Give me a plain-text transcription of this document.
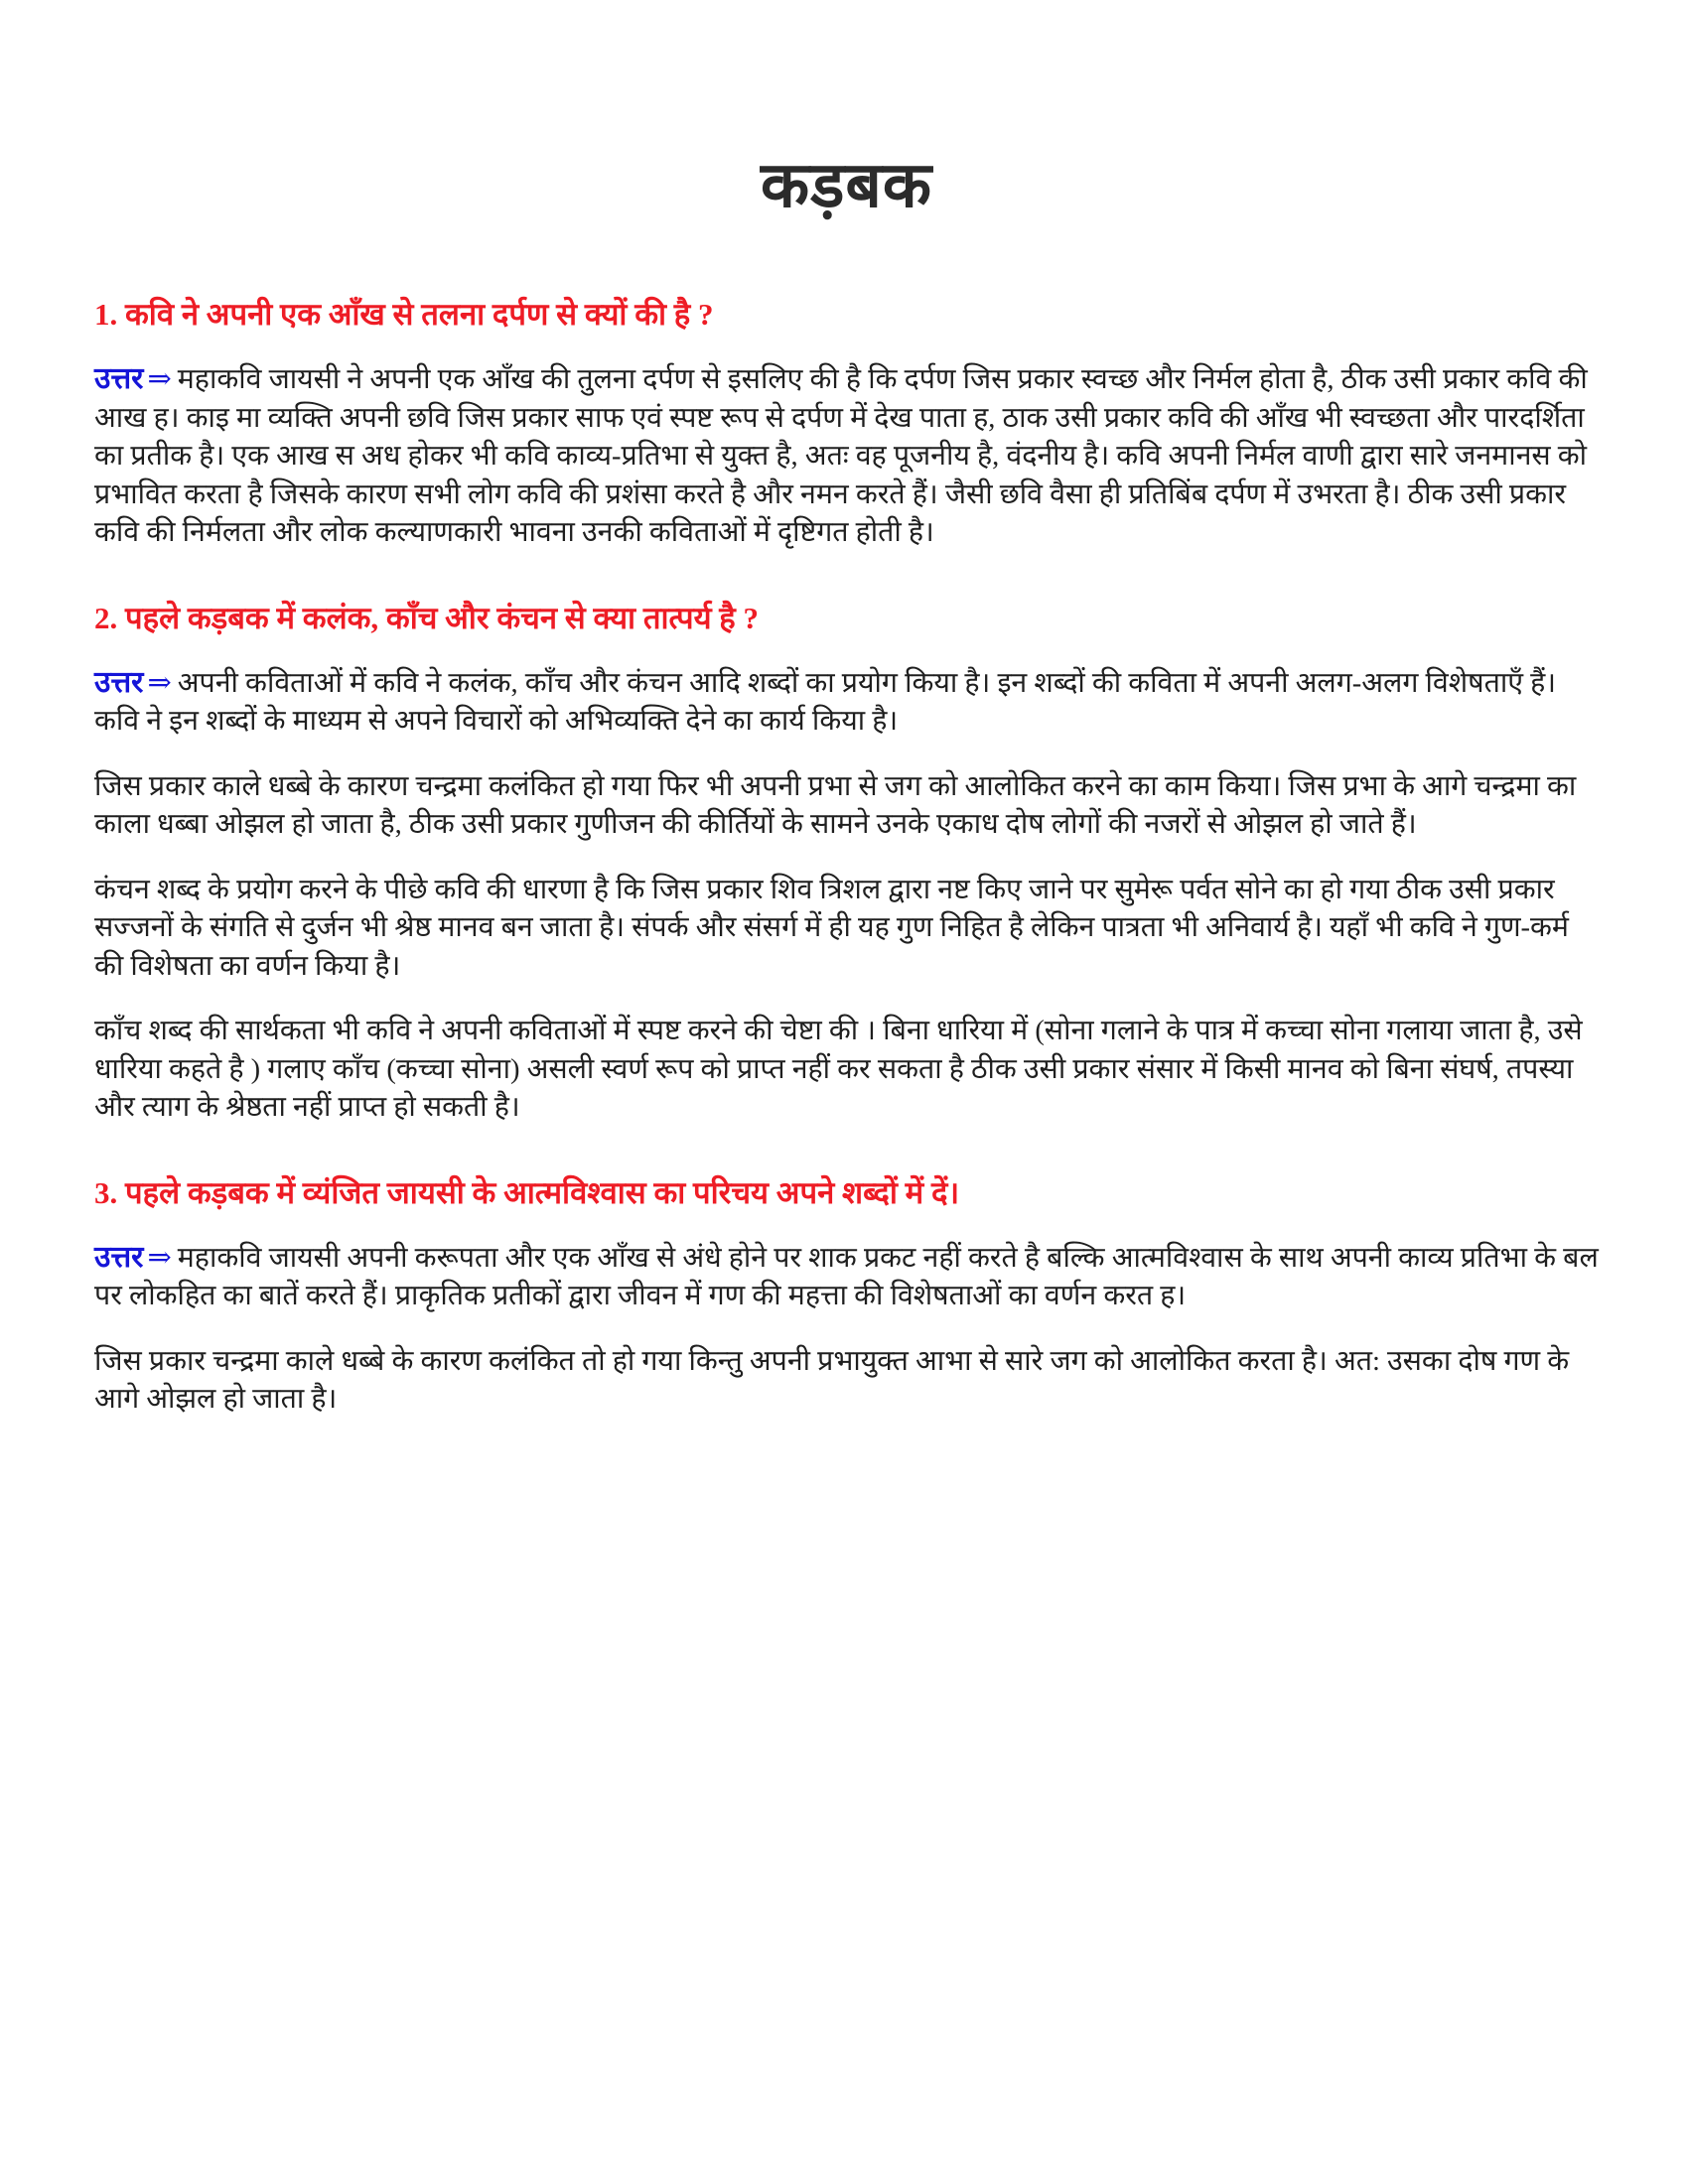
कड़बक
1. कवि ने अपनी एक आँख से तलना दर्पण से क्यों की है ?

उत्तर ⇒ महाकवि जायसी ने अपनी एक आँख की तुलना दर्पण से इसलिए की है कि दर्पण जिस प्रकार स्वच्छ और निर्मल होता है, ठीक उसी प्रकार कवि की आख ह। काइ मा व्यक्ति अपनी छवि जिस प्रकार साफ एवं स्पष्ट रूप से दर्पण में देख पाता ह, ठाक उसी प्रकार कवि की आँख भी स्वच्छता और पारदर्शिता का प्रतीक है। एक आख स अध होकर भी कवि काव्य-प्रतिभा से युक्त है, अतः वह पूजनीय है, वंदनीय है। कवि अपनी निर्मल वाणी द्वारा सारे जनमानस को प्रभावित करता है जिसके कारण सभी लोग कवि की प्रशंसा करते है और नमन करते हैं। जैसी छवि वैसा ही प्रतिबिंब दर्पण में उभरता है। ठीक उसी प्रकार कवि की निर्मलता और लोक कल्याणकारी भावना उनकी कविताओं में दृष्टिगत होती है।

2. पहले कड़बक में कलंक, काँच और कंचन से क्या तात्पर्य है ?

उत्तर ⇒ अपनी कविताओं में कवि ने कलंक, काँच और कंचन आदि शब्दों का प्रयोग किया है। इन शब्दों की कविता में अपनी अलग-अलग विशेषताएँ हैं। कवि ने इन शब्दों के माध्यम से अपने विचारों को अभिव्यक्ति देने का कार्य किया है।

जिस प्रकार काले धब्बे के कारण चन्द्रमा कलंकित हो गया फिर भी अपनी प्रभा से जग को आलोकित करने का काम किया। जिस प्रभा के आगे चन्द्रमा का काला धब्बा ओझल हो जाता है, ठीक उसी प्रकार गुणीजन की कीर्तियों के सामने उनके एकाध दोष लोगों की नजरों से ओझल हो जाते हैं।

कंचन शब्द के प्रयोग करने के पीछे कवि की धारणा है कि जिस प्रकार शिव त्रिशल द्वारा नष्ट किए जाने पर सुमेरू पर्वत सोने का हो गया ठीक उसी प्रकार सज्जनों के संगति से दुर्जन भी श्रेष्ठ मानव बन जाता है। संपर्क और संसर्ग में ही यह गुण निहित है लेकिन पात्रता भी अनिवार्य है। यहाँ भी कवि ने गुण-कर्म की विशेषता का वर्णन किया है।

काँच शब्द की सार्थकता भी कवि ने अपनी कविताओं में स्पष्ट करने की चेष्टा की । बिना धारिया में (सोना गलाने के पात्र में कच्चा सोना गलाया जाता है, उसे धारिया कहते है ) गलाए काँच (कच्चा सोना) असली स्वर्ण रूप को प्राप्त नहीं कर सकता है ठीक उसी प्रकार संसार में किसी मानव को बिना संघर्ष, तपस्या और त्याग के श्रेष्ठता नहीं प्राप्त हो सकती है।

3. पहले कड़बक में व्यंजित जायसी के आत्मविश्वास का परिचय अपने शब्दों में दें।

उत्तर ⇒ महाकवि जायसी अपनी करूपता और एक आँख से अंधे होने पर शाक प्रकट नहीं करते है बल्कि आत्मविश्वास के साथ अपनी काव्य प्रतिभा के बल पर लोकहित का बातें करते हैं। प्राकृतिक प्रतीकों द्वारा जीवन में गण की महत्ता की विशेषताओं का वर्णन करत ह।

जिस प्रकार चन्द्रमा काले धब्बे के कारण कलंकित तो हो गया किन्तु अपनी प्रभायुक्त आभा से सारे जग को आलोकित करता है। अत: उसका दोष गण के आगे ओझल हो जाता है।
